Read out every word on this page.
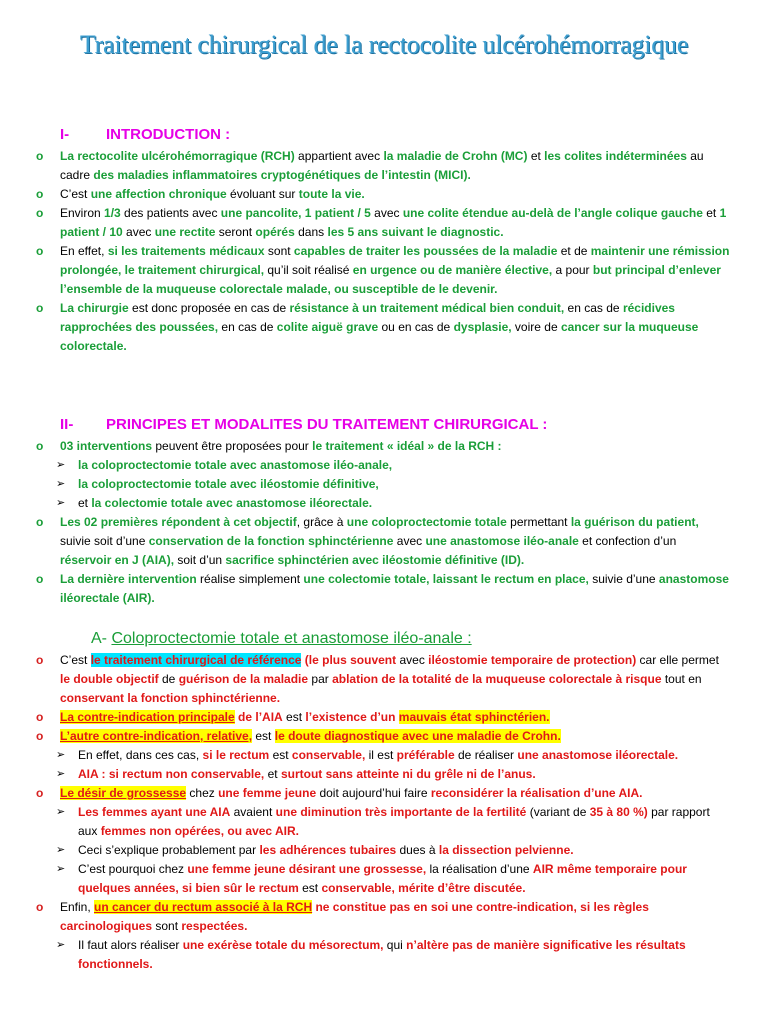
Traitement chirurgical de la rectocolite ulcérohémorragique
I- INTRODUCTION :
o La rectocolite ulcérohémorragique (RCH) appartient avec la maladie de Crohn (MC) et les colites indéterminées au cadre des maladies inflammatoires cryptogénétiques de l’intestin (MICI).
o C’est une affection chronique évoluant sur toute la vie.
o Environ 1/3 des patients avec une pancolite, 1 patient / 5 avec une colite étendue au-delà de l’angle colique gauche et 1 patient / 10 avec une rectite seront opérés dans les 5 ans suivant le diagnostic.
o En effet, si les traitements médicaux sont capables de traiter les poussées de la maladie et de maintenir une rémission prolongée, le traitement chirurgical, qu’il soit réalisé en urgence ou de manière élective, a pour but principal d’enlever l’ensemble de la muqueuse colorectale malade, ou susceptible de le devenir.
o La chirurgie est donc proposée en cas de résistance à un traitement médical bien conduit, en cas de récidives rapprochées des poussées, en cas de colite aiguë grave ou en cas de dysplasie, voire de cancer sur la muqueuse colorectale.
II- PRINCIPES ET MODALITES DU TRAITEMENT CHIRURGICAL :
o 03 interventions peuvent être proposées pour le traitement « idéal » de la RCH :
➢ la coloproctectomie totale avec anastomose iléo-anale,
➢ la coloproctectomie totale avec iléostomie définitive,
➢ et la colectomie totale avec anastomose iléorectale.
o Les 02 premières répondent à cet objectif, grâce à une coloproctectomie totale permettant la guérison du patient, suivie soit d’une conservation de la fonction sphinctérienne avec une anastomose iléo-anale et confection d’un réservoir en J (AIA), soit d’un sacrifice sphinctérien avec iléostomie définitive (ID).
o La dernière intervention réalise simplement une colectomie totale, laissant le rectum en place, suivie d’une anastomose iléorectale (AIR).
A- Coloproctectomie totale et anastomose iléo-anale :
o C’est le traitement chirurgical de référence (le plus souvent avec iléostomie temporaire de protection) car elle permet le double objectif de guérison de la maladie par ablation de la totalité de la muqueuse colorectale à risque tout en conservant la fonction sphinctérienne.
o La contre-indication principale de l’AIA est l’existence d’un mauvais état sphinctérien.
o L’autre contre-indication, relative, est le doute diagnostique avec une maladie de Crohn.
➢ En effet, dans ces cas, si le rectum est conservable, il est préférable de réaliser une anastomose iléorectale.
➢ AIA : si rectum non conservable, et surtout sans atteinte ni du grêle ni de l’anus.
o Le désir de grossesse chez une femme jeune doit aujourd’hui faire reconsidérer la réalisation d’une AIA.
➢ Les femmes ayant une AIA avaient une diminution très importante de la fertilité (variant de 35 à 80 %) par rapport aux femmes non opérées, ou avec AIR.
➢ Ceci s’explique probablement par les adhérences tubaires dues à la dissection pelvienne.
➢ C’est pourquoi chez une femme jeune désirant une grossesse, la réalisation d’une AIR même temporaire pour quelques années, si bien sûr le rectum est conservable, mérite d’être discutée.
o Enfin, un cancer du rectum associé à la RCH ne constitue pas en soi une contre-indication, si les règles carcinologiques sont respectées.
➢ Il faut alors réaliser une exérèse totale du mésorectum, qui n’altère pas de manière significative les résultats fonctionnels.
